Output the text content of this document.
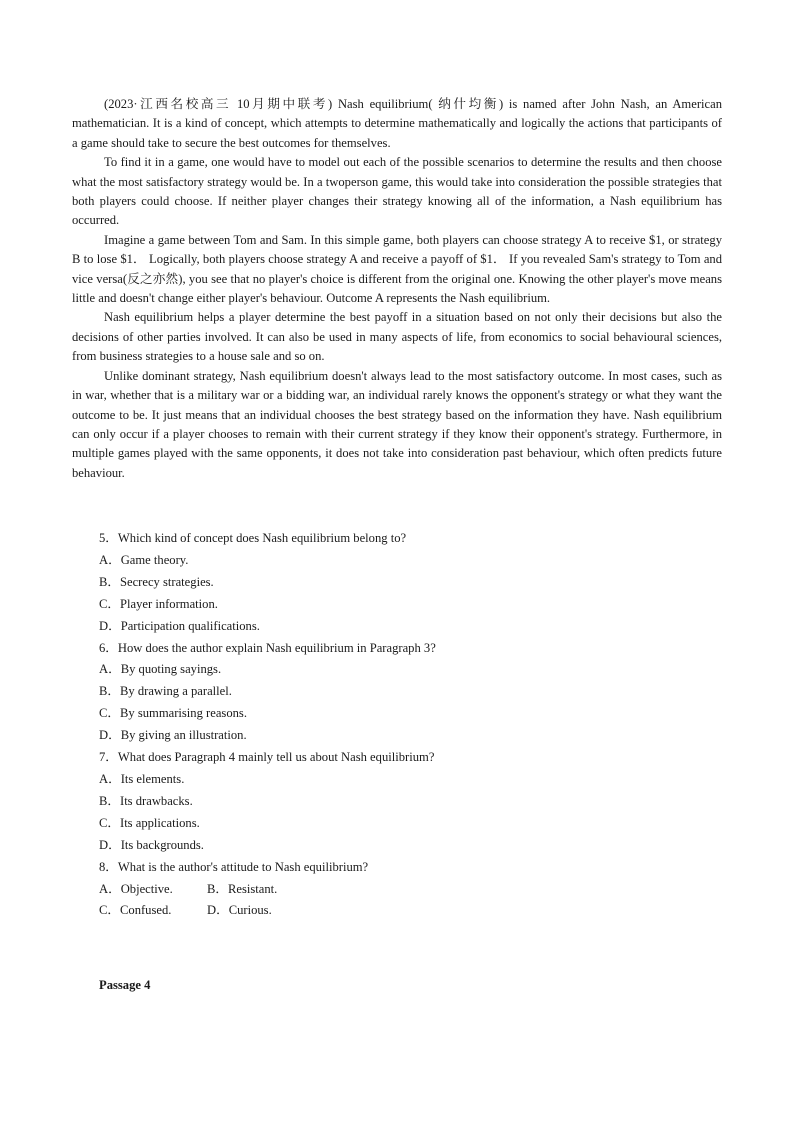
(2023·江西名校高三 10月期中联考) Nash equilibrium( 纳什均衡) is named after John Nash, an American mathematician. It is a kind of concept, which attempts to determine mathematically and logically the actions that participants of a game should take to secure the best outcomes for themselves.

To find it in a game, one would have to model out each of the possible scenarios to determine the results and then choose what the most satisfactory strategy would be. In a twoperson game, this would take into consideration the possible strategies that both players could choose. If neither player changes their strategy knowing all of the information, a Nash equilibrium has occurred.

Imagine a game between Tom and Sam. In this simple game, both players can choose strategy A to receive $1, or strategy B to lose $1． Logically, both players choose strategy A and receive a payoff of $1． If you revealed Sam's strategy to Tom and vice versa(反之亦然), you see that no player's choice is different from the original one. Knowing the other player's move means little and doesn't change either player's behaviour. Outcome A represents the Nash equilibrium.

Nash equilibrium helps a player determine the best payoff in a situation based on not only their decisions but also the decisions of other parties involved. It can also be used in many aspects of life, from economics to social behavioural sciences, from business strategies to a house sale and so on.

Unlike dominant strategy, Nash equilibrium doesn't always lead to the most satisfactory outcome. In most cases, such as in war, whether that is a military war or a bidding war, an individual rarely knows the opponent's strategy or what they want the outcome to be. It just means that an individual chooses the best strategy based on the information they have. Nash equilibrium can only occur if a player chooses to remain with their current strategy if they know their opponent's strategy. Furthermore, in multiple games played with the same opponents, it does not take into consideration past behaviour, which often predicts future behaviour.

5．Which kind of concept does Nash equilibrium belong to?
A．Game theory.
B．Secrecy strategies.
C．Player information.
D．Participation qualifications.
6．How does the author explain Nash equilibrium in Paragraph 3?
A．By quoting sayings.
B．By drawing a parallel.
C．By summarising reasons.
D．By giving an illustration.
7．What does Paragraph 4 mainly tell us about Nash equilibrium?
A．Its elements.
B．Its drawbacks.
C．Its applications.
D．Its backgrounds.
8．What is the author's attitude to Nash equilibrium?
A．Objective.	B．Resistant.
C．Confused.	D．Curious.
Passage 4
